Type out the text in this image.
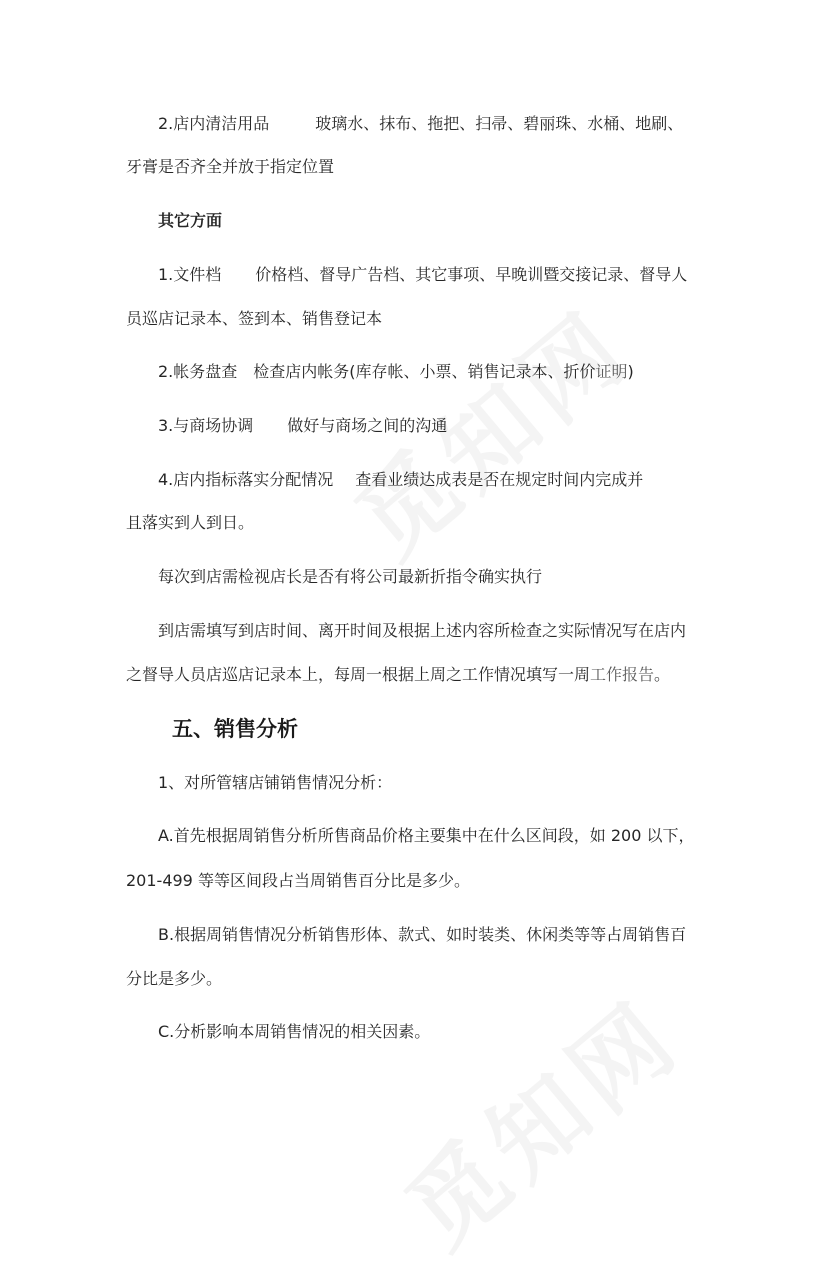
2.店内清洁用品	玻璃水、抹布、拖把、扫帚、碧丽珠、水桶、地刷、
牙膏是否齐全并放于指定位置
其它方面
1.文件档 价格档、督导广告档、其它事项、早晚训暨交接记录、督导人
员巡店记录本、签到本、销售登记本
2.帐务盘查 检查店内帐务(库存帐、小票、销售记录本、折价证明)
3.与商场协调 做好与商场之间的沟通
4.店内指标落实分配情况 查看业绩达成表是否在规定时间内完成并
且落实到人到日。
每次到店需检视店长是否有将公司最新折指令确实执行
到店需填写到店时间、离开时间及根据上述内容所检查之实际情况写在店内
之督导人员店巡店记录本上，每周一根据上周之工作情况填写一周工作报告。
五、销售分析
1、对所管辖店铺销售情况分析：
A.首先根据周销售分析所售商品价格主要集中在什么区间段，如 200 以下，
201-499 等等区间段占当周销售百分比是多少。
B.根据周销售情况分析销售形体、款式、如时装类、休闲类等等占周销售百
分比是多少。
C.分析影响本周销售情况的相关因素。
